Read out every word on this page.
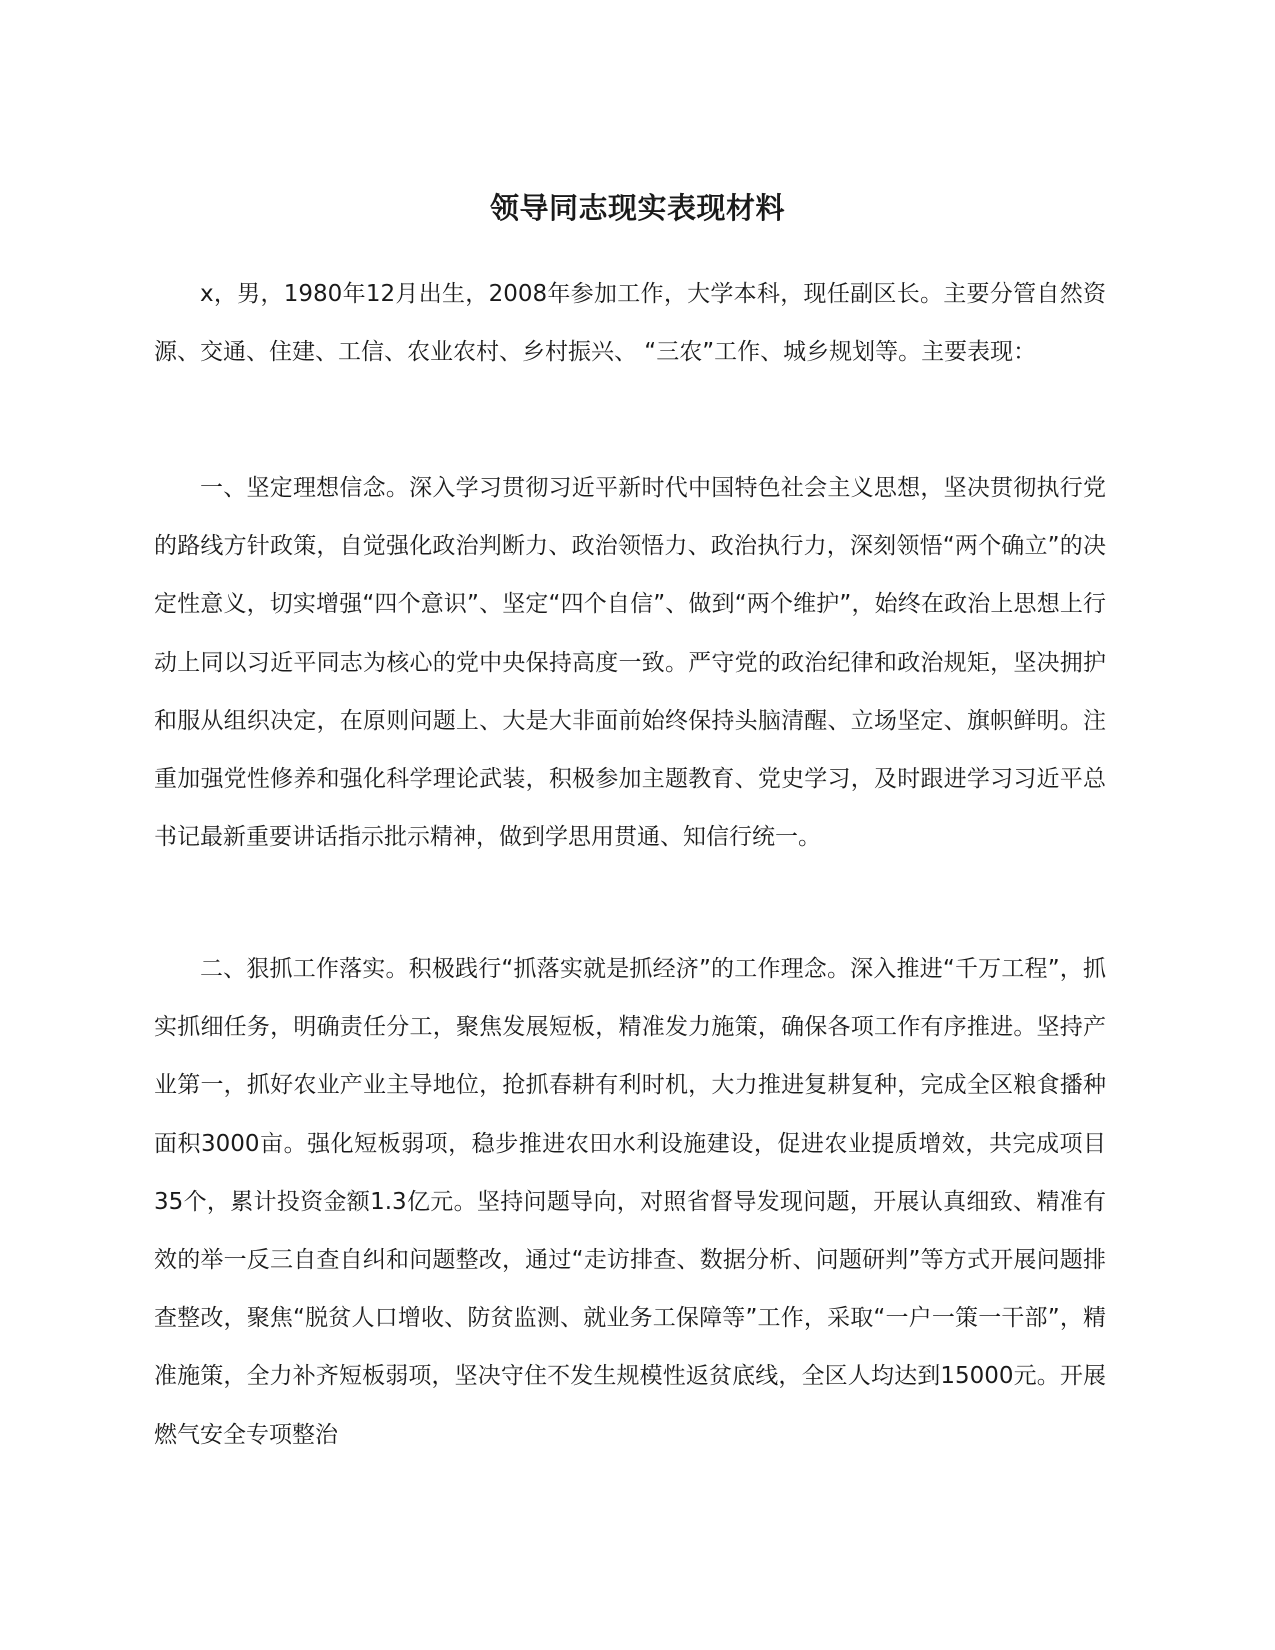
领导同志现实表现材料

x，男，1980年12月出生，2008年参加工作，大学本科，现任副区长。主要分管自然资源、交通、住建、工信、农业农村、乡村振兴、 “三农”工作、城乡规划等。主要表现：

一、坚定理想信念。深入学习贯彻习近平新时代中国特色社会主义思想，坚决贯彻执行党的路线方针政策，自觉强化政治判断力、政治领悟力、政治执行力，深刻领悟“两个确立”的决定性意义，切实增强“四个意识”、坚定“四个自信”、做到“两个维护”，始终在政治上思想上行动上同以习近平同志为核心的党中央保持高度一致。严守党的政治纪律和政治规矩，坚决拥护和服从组织决定，在原则问题上、大是大非面前始终保持头脑清醒、立场坚定、旗帜鲜明。注重加强党性修养和强化科学理论武装，积极参加主题教育、党史学习，及时跟进学习习近平总书记最新重要讲话指示批示精神，做到学思用贯通、知信行统一。

二、狠抓工作落实。积极践行“抓落实就是抓经济”的工作理念。深入推进“千万工程”，抓实抓细任务，明确责任分工，聚焦发展短板，精准发力施策，确保各项工作有序推进。坚持产业第一，抓好农业产业主导地位，抢抓春耕有利时机，大力推进复耕复种，完成全区粮食播种面积3000亩。强化短板弱项，稳步推进农田水利设施建设，促进农业提质增效，共完成项目35个，累计投资金额1.3亿元。坚持问题导向，对照省督导发现问题，开展认真细致、精准有效的举一反三自查自纠和问题整改，通过“走访排查、数据分析、问题研判”等方式开展问题排查整改，聚焦“脱贫人口增收、防贫监测、就业务工保障等”工作，采取“一户一策一干部”，精准施策，全力补齐短板弱项，坚决守住不发生规模性返贫底线，全区人均达到15000元。开展燃气安全专项整治
